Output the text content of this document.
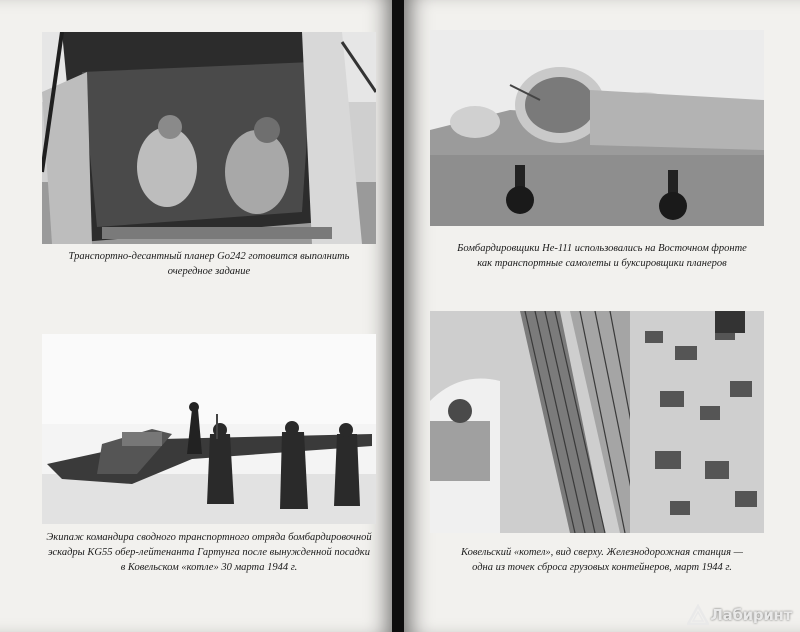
Транспортно-десантный планер Go242 готовится выполнить
очередное задание
Экипаж командира сводного транспортного отряда бомбардировочной
эскадры KG55 обер-лейтенанта Гартунга после вынужденной посадки
в Ковельском «котле» 30 марта 1944 г.
Бомбардировщики He-111 использовались на Восточном фронте
как транспортные самолеты и буксировщики планеров
Ковельский «котел», вид сверху. Железнодорожная станция —
одна из точек сброса грузовых контейнеров, март 1944 г.
Лабиринт
